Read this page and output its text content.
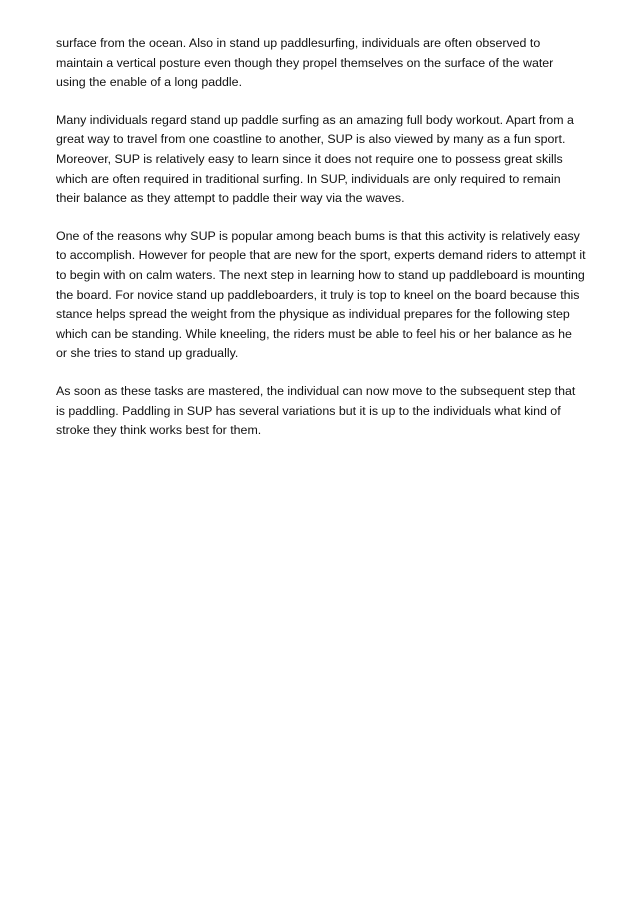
surface from the ocean. Also in stand up paddlesurfing, individuals are often observed to maintain a vertical posture even though they propel themselves on the surface of the water using the enable of a long paddle.

Many individuals regard stand up paddle surfing as an amazing full body workout. Apart from a great way to travel from one coastline to another, SUP is also viewed by many as a fun sport. Moreover, SUP is relatively easy to learn since it does not require one to possess great skills which are often required in traditional surfing. In SUP, individuals are only required to remain their balance as they attempt to paddle their way via the waves.

One of the reasons why SUP is popular among beach bums is that this activity is relatively easy to accomplish. However for people that are new for the sport, experts demand riders to attempt it to begin with on calm waters. The next step in learning how to stand up paddleboard is mounting the board. For novice stand up paddleboarders, it truly is top to kneel on the board because this stance helps spread the weight from the physique as individual prepares for the following step which can be standing. While kneeling, the riders must be able to feel his or her balance as he or she tries to stand up gradually.

As soon as these tasks are mastered, the individual can now move to the subsequent step that is paddling. Paddling in SUP has several variations but it is up to the individuals what kind of stroke they think works best for them.
